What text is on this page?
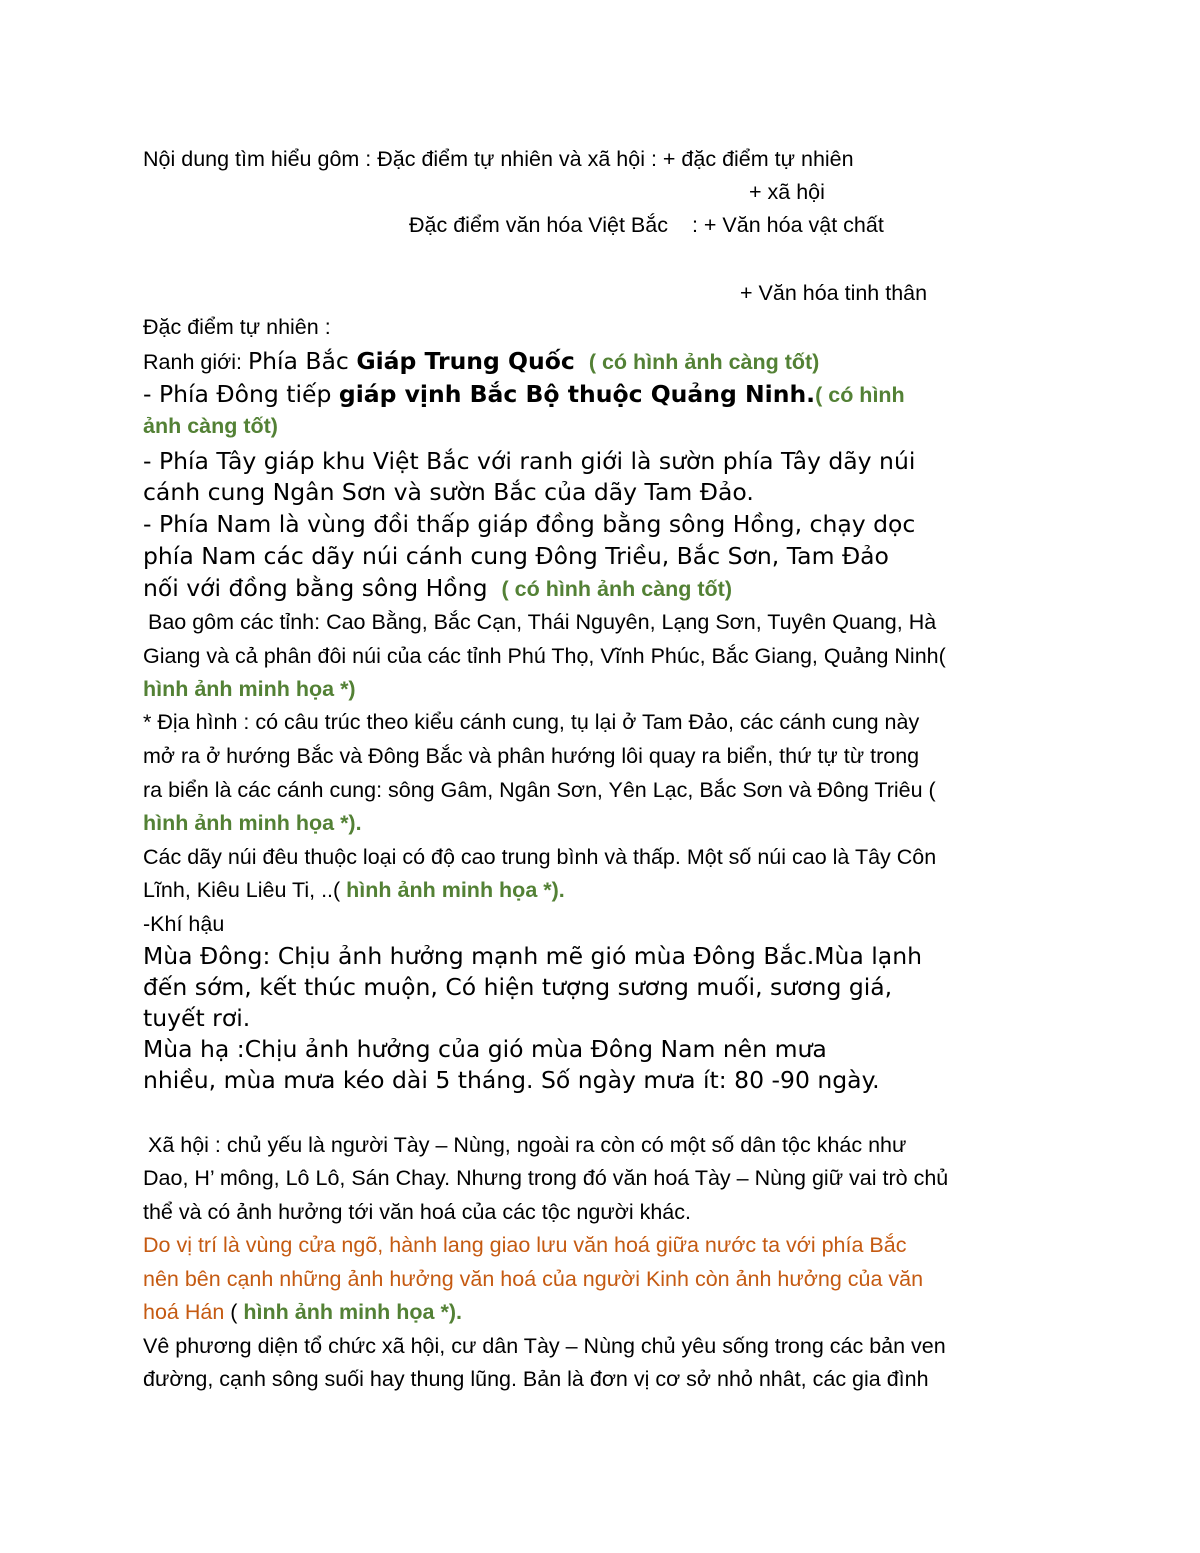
Nội dung tìm hiểu gôm : Đặc điểm tự nhiên và xã hội : + đặc điểm tự nhiên

+ xã hội

Đặc điểm văn hóa Việt Bắc : + Văn hóa vật chất

+ Văn hóa tinh thân

Đặc điểm tự nhiên :

Ranh giới: Phía Bắc Giáp Trung Quốc ( có hình ảnh càng tốt)

- Phía Đông tiếp giáp vịnh Bắc Bộ thuộc Quảng Ninh.( có hình

ảnh càng tốt)

- Phía Tây giáp khu Việt Bắc với ranh giới là sườn phía Tây dãy núi

cánh cung Ngân Sơn và sườn Bắc của dãy Tam Đảo.

- Phía Nam là vùng đồi thấp giáp đồng bằng sông Hồng, chạy dọc

phía Nam các dãy núi cánh cung Đông Triều, Bắc Sơn, Tam Đảo

nối với đồng bằng sông Hồng ( có hình ảnh càng tốt)

Bao gôm các tỉnh: Cao Bằng, Bắc Cạn, Thái Nguyên, Lạng Sơn, Tuyên Quang, Hà

Giang và cả phân đôi núi của các tỉnh Phú Thọ, Vĩnh Phúc, Bắc Giang, Quảng Ninh(

hình ảnh minh họa *)

* Địa hình : có câu trúc theo kiểu cánh cung, tụ lại ở Tam Đảo, các cánh cung này

mở ra ở hướng Bắc và Đông Bắc và phân hướng lôi quay ra biển, thứ tự từ trong

ra biển là các cánh cung: sông Gâm, Ngân Sơn, Yên Lạc, Bắc Sơn và Đông Triêu (

hình ảnh minh họa *).

Các dãy núi đêu thuộc loại có độ cao trung bình và thấp. Một số núi cao là Tây Côn

Lĩnh, Kiêu Liêu Ti, ..( hình ảnh minh họa *).

-Khí hậu

Mùa Đông: Chịu ảnh hưởng mạnh mẽ gió mùa Đông Bắc.Mùa lạnh

đến sớm, kết thúc muộn, Có hiện tượng sương muối, sương giá,

tuyết rơi.

Mùa hạ :Chịu ảnh hưởng của gió mùa Đông Nam nên mưa

nhiều, mùa mưa kéo dài 5 tháng. Số ngày mưa ít: 80 -90 ngày.

Xã hội : chủ yếu là người Tày – Nùng, ngoài ra còn có một số dân tộc khác như

Dao, H’ mông, Lô Lô, Sán Chay. Nhưng trong đó văn hoá Tày – Nùng giữ vai trò chủ

thể và có ảnh hưởng tới văn hoá của các tộc người khác.

Do vị trí là vùng cửa ngõ, hành lang giao lưu văn hoá giữa nước ta với phía Bắc

nên bên cạnh những ảnh hưởng văn hoá của người Kinh còn ảnh hưởng của văn

hoá Hán ( hình ảnh minh họa *).

Vê phương diện tổ chức xã hội, cư dân Tày – Nùng chủ yêu sống trong các bản ven

đường, cạnh sông suối hay thung lũng. Bản là đơn vị cơ sở nhỏ nhât, các gia đình
